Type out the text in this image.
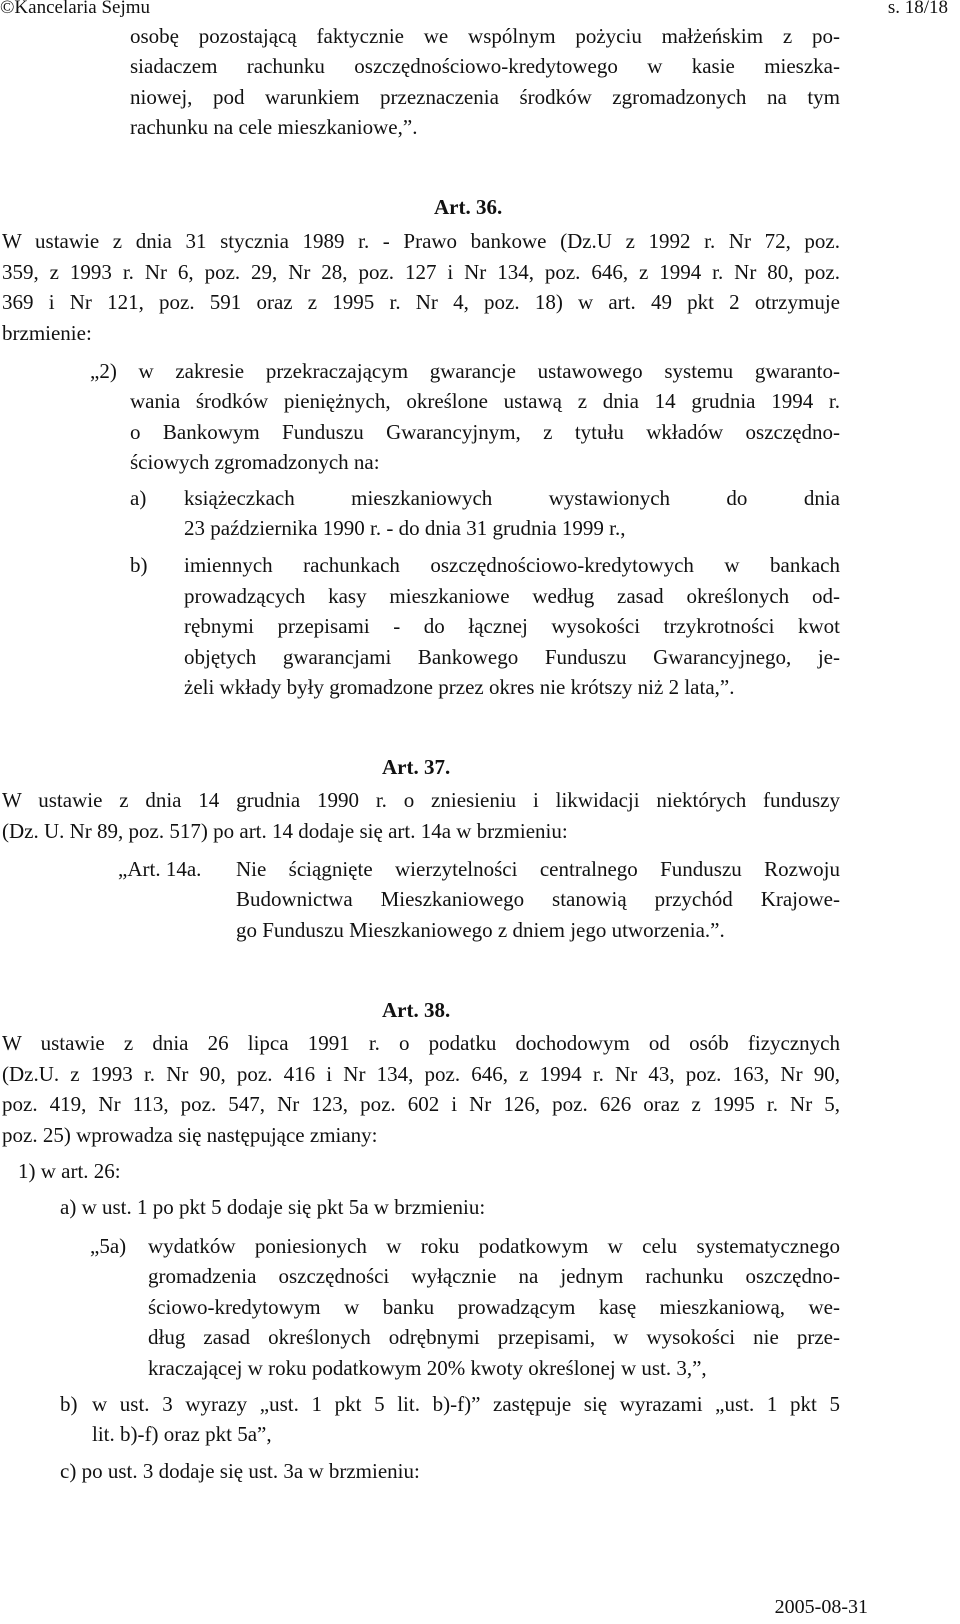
©Kancelaria Sejmu	s. 18/18
osobę pozostającą faktycznie we wspólnym pożyciu małżeńskim z po-
siadaczem rachunku oszczędnościowo-kredytowego w kasie mieszka-
niowej, pod warunkiem przeznaczenia środków zgromadzonych na tym
rachunku na cele mieszkaniowe,”.
Art. 36.
W ustawie z dnia 31 stycznia 1989 r. - Prawo bankowe (Dz.U z 1992 r. Nr 72, poz.
359, z 1993 r. Nr 6, poz. 29, Nr 28, poz. 127 i Nr 134, poz. 646, z 1994 r. Nr 80, poz.
369 i Nr 121, poz. 591 oraz z 1995 r. Nr 4, poz. 18) w art. 49 pkt 2 otrzymuje
brzmienie:
„2) w zakresie przekraczającym gwarancje ustawowego systemu gwaranto-
wania środków pieniężnych, określone ustawą z dnia 14 grudnia 1994 r.
o Bankowym Funduszu Gwarancyjnym, z tytułu wkładów oszczędno-
ściowych zgromadzonych na:
a) książeczkach mieszkaniowych wystawionych do dnia
23 października 1990 r. - do dnia 31 grudnia 1999 r.,
b) imiennych rachunkach oszczędnościowo-kredytowych w bankach
prowadzących kasy mieszkaniowe według zasad określonych od-
rębnymi przepisami - do łącznej wysokości trzykrotności kwot
objętych gwarancjami Bankowego Funduszu Gwarancyjnego, je-
żeli wkłady były gromadzone przez okres nie krótszy niż 2 lata,”.
Art. 37.
W ustawie z dnia 14 grudnia 1990 r. o zniesieniu i likwidacji niektórych funduszy
(Dz. U. Nr 89, poz. 517) po art. 14 dodaje się art. 14a w brzmieniu:
„Art. 14a. Nie ściągnięte wierzytelności centralnego Funduszu Rozwoju
Budownictwa Mieszkaniowego stanowią przychód Krajowe-
go Funduszu Mieszkaniowego z dniem jego utworzenia.”.
Art. 38.
W ustawie z dnia 26 lipca 1991 r. o podatku dochodowym od osób fizycznych
(Dz.U. z 1993 r. Nr 90, poz. 416 i Nr 134, poz. 646, z 1994 r. Nr 43, poz. 163, Nr 90,
poz. 419, Nr 113, poz. 547, Nr 123, poz. 602 i Nr 126, poz. 626 oraz z 1995 r. Nr 5,
poz. 25) wprowadza się następujące zmiany:
1) w art. 26:
a) w ust. 1 po pkt 5 dodaje się pkt 5a w brzmieniu:
„5a) wydatków poniesionych w roku podatkowym w celu systematycznego
gromadzenia oszczędności wyłącznie na jednym rachunku oszczędno-
ściowo-kredytowym w banku prowadzącym kasę mieszkaniową, we-
dług zasad określonych odrębnymi przepisami, w wysokości nie prze-
kraczającej w roku podatkowym 20% kwoty określonej w ust. 3,”,
b) w ust. 3 wyrazy „ust. 1 pkt 5 lit. b)-f)” zastępuje się wyrazami „ust. 1 pkt 5
lit. b)-f) oraz pkt 5a”,
c) po ust. 3 dodaje się ust. 3a w brzmieniu:
2005-08-31
